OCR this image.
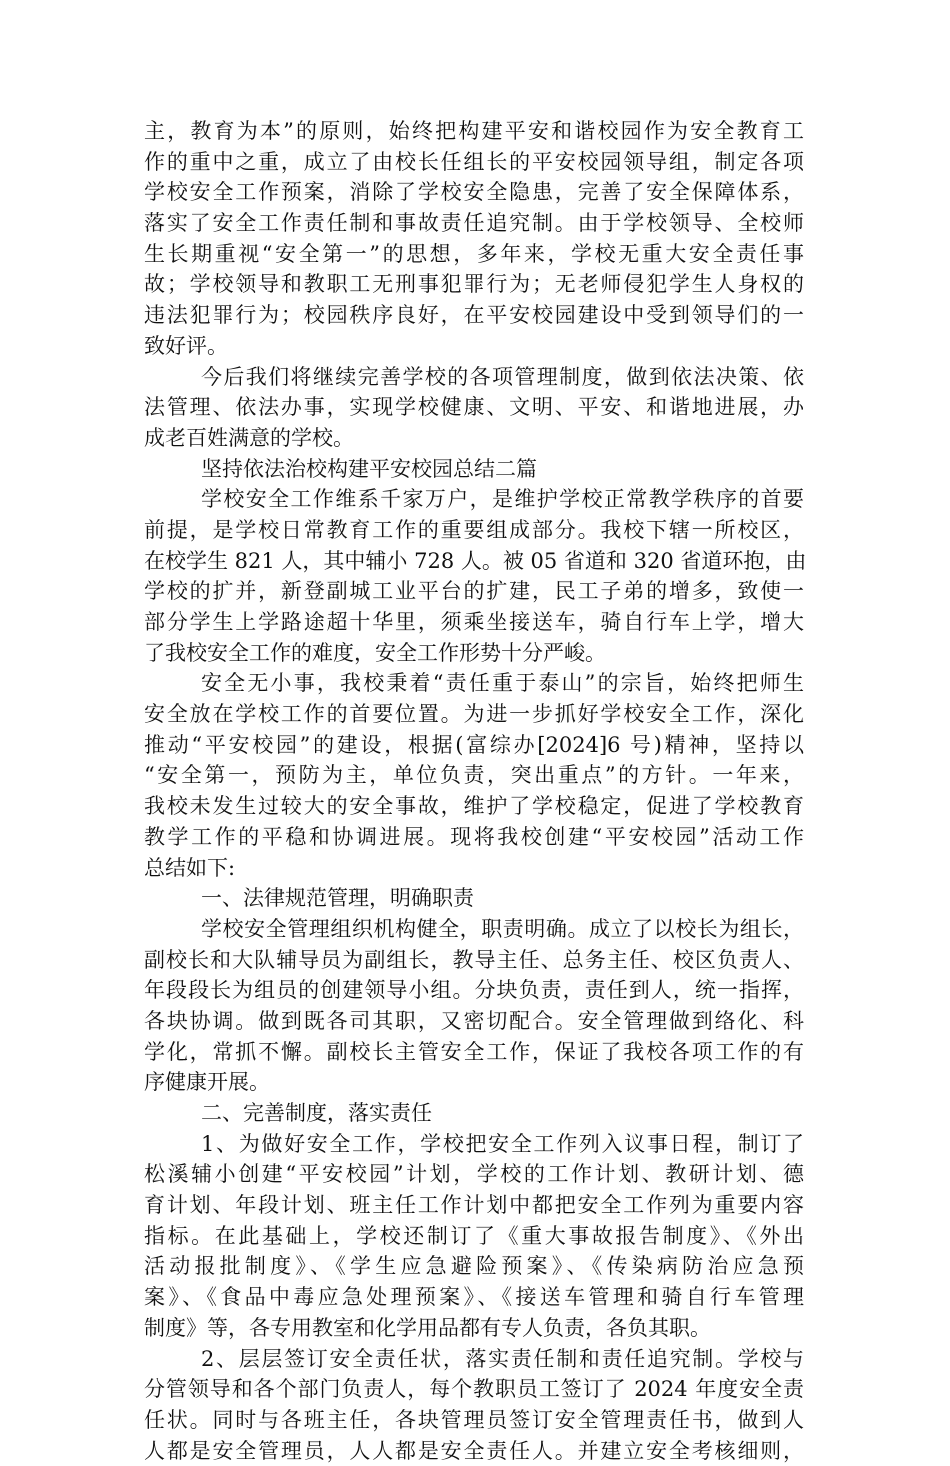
主，教育为本”的原则，始终把构建平安和谐校园作为安全教育工
作的重中之重，成立了由校长任组长的平安校园领导组，制定各项
学校安全工作预案，消除了学校安全隐患，完善了安全保障体系，
落实了安全工作责任制和事故责任追究制。由于学校领导、全校师
生长期重视“安全第一”的思想，多年来，学校无重大安全责任事
故；学校领导和教职工无刑事犯罪行为；无老师侵犯学生人身权的
违法犯罪行为；校园秩序良好，在平安校园建设中受到领导们的一
致好评。
今后我们将继续完善学校的各项管理制度，做到依法决策、依
法管理、依法办事，实现学校健康、文明、平安、和谐地进展，办
成老百姓满意的学校。
坚持依法治校构建平安校园总结二篇
学校安全工作维系千家万户，是维护学校正常教学秩序的首要
前提，是学校日常教育工作的重要组成部分。我校下辖一所校区，
在校学生 821 人，其中辅小 728 人。被 05 省道和 320 省道环抱，由
学校的扩并，新登副城工业平台的扩建，民工子弟的增多，致使一
部分学生上学路途超十华里，须乘坐接送车，骑自行车上学，增大
了我校安全工作的难度，安全工作形势十分严峻。
安全无小事，我校秉着“责任重于泰山”的宗旨，始终把师生
安全放在学校工作的首要位置。为进一步抓好学校安全工作，深化
推动“平安校园”的建设，根据(富综办[2024]6 号)精神，坚持以
“安全第一，预防为主，单位负责，突出重点”的方针。一年来，
我校未发生过较大的安全事故，维护了学校稳定，促进了学校教育
教学工作的平稳和协调进展。现将我校创建“平安校园”活动工作
总结如下:
一、法律规范管理，明确职责
学校安全管理组织机构健全，职责明确。成立了以校长为组长，
副校长和大队辅导员为副组长，教导主任、总务主任、校区负责人、
年段段长为组员的创建领导小组。分块负责，责任到人，统一指挥，
各块协调。做到既各司其职，又密切配合。安全管理做到络化、科
学化，常抓不懈。副校长主管安全工作，保证了我校各项工作的有
序健康开展。
二、完善制度，落实责任
1、为做好安全工作，学校把安全工作列入议事日程，制订了
松溪辅小创建“平安校园”计划，学校的工作计划、教研计划、德
育计划、年段计划、班主任工作计划中都把安全工作列为重要内容
指标。在此基础上，学校还制订了《重大事故报告制度》、《外出
活动报批制度》、《学生应急避险预案》、《传染病防治应急预
案》、《食品中毒应急处理预案》、《接送车管理和骑自行车管理
制度》等，各专用教室和化学用品都有专人负责，各负其职。
2、层层签订安全责任状，落实责任制和责任追究制。学校与
分管领导和各个部门负责人，每个教职员工签订了 2024 年度安全责
任状。同时与各班主任，各块管理员签订安全管理责任书，做到人
人都是安全管理员，人人都是安全责任人。并建立安全考核细则，
